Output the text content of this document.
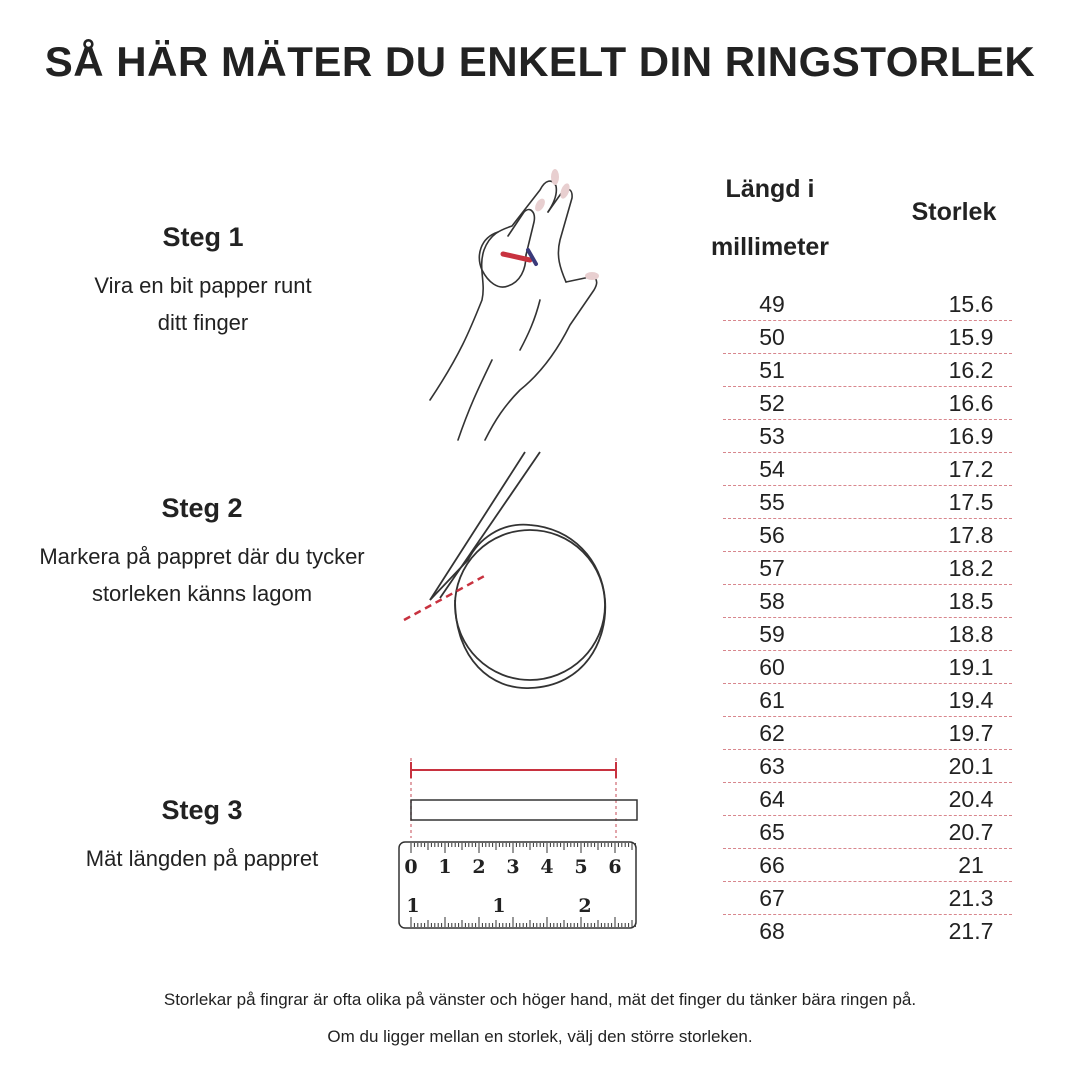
SÅ HÄR MÄTER DU ENKELT DIN RINGSTORLEK
Steg 1

Vira en bit papper runt ditt finger

Steg 2

Markera på pappret där du tycker storleken känns lagom

Steg 3

Mät längden på pappret	0 1 2 3 4 5 6
1	1	2
Längd i millimeter
Storlek
49	15.6
50	15.9
51	16.2
52	16.6
53	16.9
54	17.2
55	17.5
56	17.8
57	18.2
58	18.5
59	18.8
60	19.1
61	19.4
62	19.7
63	20.1
64	20.4
65	20.7
66	21
67	21.3
68	21.7
Storlekar på fingrar är ofta olika på vänster och höger hand, mät det finger du tänker bära ringen på.
Om du ligger mellan en storlek, välj den större storleken.
